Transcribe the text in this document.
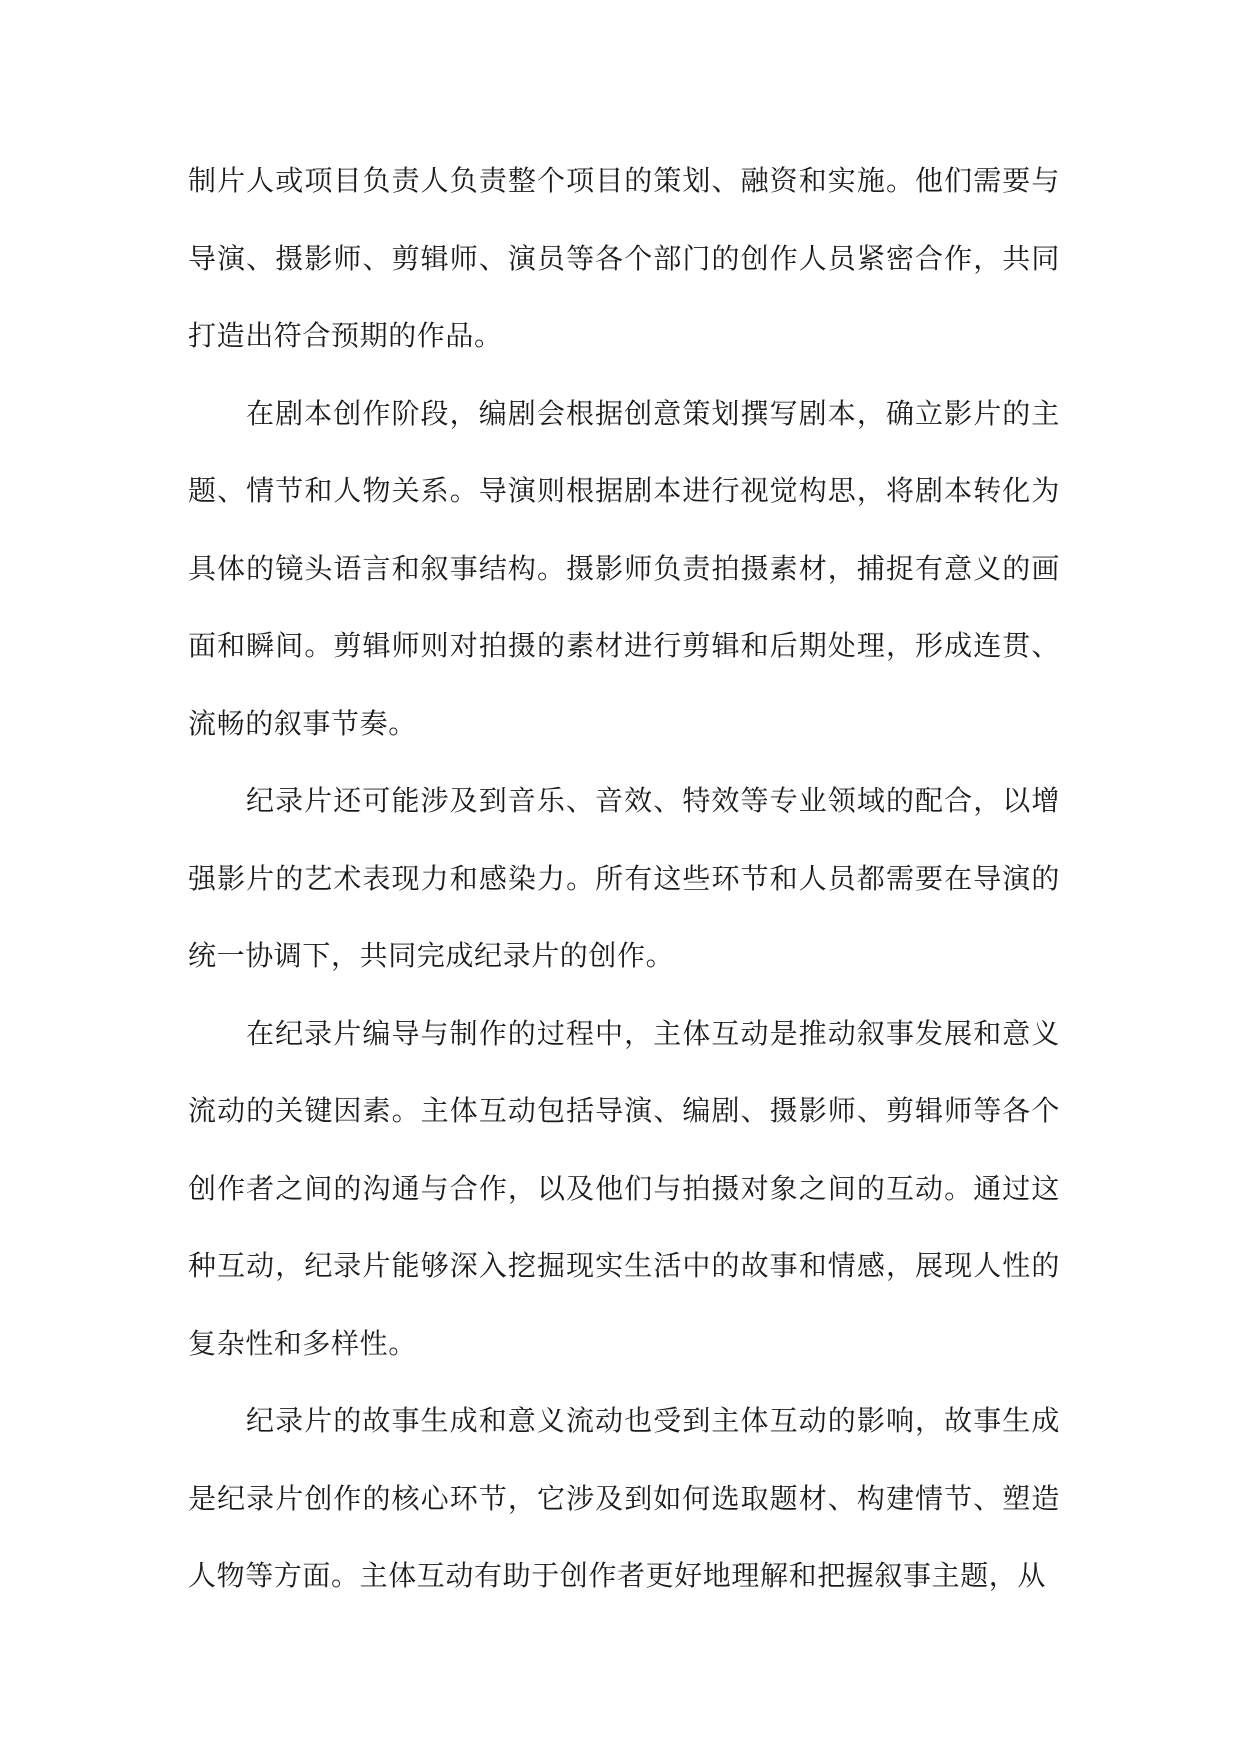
制片人或项目负责人负责整个项目的策划、融资和实施。他们需要与导演、摄影师、剪辑师、演员等各个部门的创作人员紧密合作，共同打造出符合预期的作品。

在剧本创作阶段，编剧会根据创意策划撰写剧本，确立影片的主题、情节和人物关系。导演则根据剧本进行视觉构思，将剧本转化为具体的镜头语言和叙事结构。摄影师负责拍摄素材，捕捉有意义的画面和瞬间。剪辑师则对拍摄的素材进行剪辑和后期处理，形成连贯、流畅的叙事节奏。

纪录片还可能涉及到音乐、音效、特效等专业领域的配合，以增强影片的艺术表现力和感染力。所有这些环节和人员都需要在导演的统一协调下，共同完成纪录片的创作。

在纪录片编导与制作的过程中，主体互动是推动叙事发展和意义流动的关键因素。主体互动包括导演、编剧、摄影师、剪辑师等各个创作者之间的沟通与合作，以及他们与拍摄对象之间的互动。通过这种互动，纪录片能够深入挖掘现实生活中的故事和情感，展现人性的复杂性和多样性。

纪录片的故事生成和意义流动也受到主体互动的影响，故事生成是纪录片创作的核心环节，它涉及到如何选取题材、构建情节、塑造人物等方面。主体互动有助于创作者更好地理解和把握叙事主题，从
